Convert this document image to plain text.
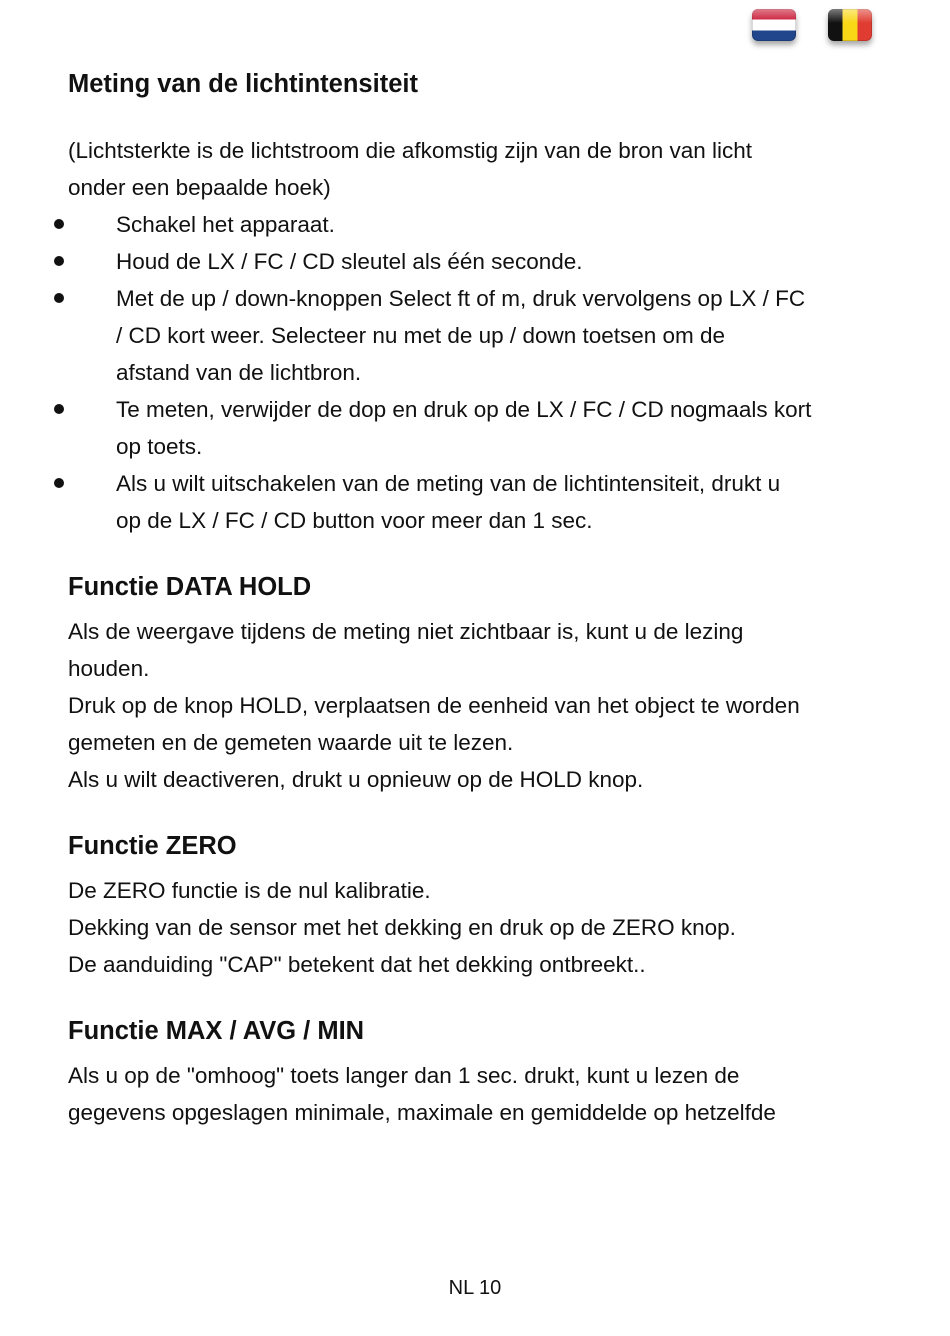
Meting van de lichtintensiteit

(Lichtsterkte is de lichtstroom die afkomstig zijn van de bron van licht
onder een bepaalde hoek)

Schakel het apparaat.
Houd de LX / FC / CD sleutel als één seconde.
Met de up / down-knoppen Select ft of m, druk vervolgens op LX / FC
/ CD kort weer. Selecteer nu met de up / down toetsen om de
afstand van de lichtbron.
Te meten, verwijder de dop en druk op de LX / FC / CD nogmaals kort
op toets.
Als u wilt uitschakelen van de meting van de lichtintensiteit, drukt u
op de LX / FC / CD button voor meer dan 1 sec.
Functie DATA HOLD

Als de weergave tijdens de meting niet zichtbaar is, kunt u de lezing
houden.
Druk op de knop HOLD, verplaatsen de eenheid van het object te worden
gemeten en de gemeten waarde uit te lezen.
Als u wilt deactiveren, drukt u opnieuw op de HOLD knop.

Functie ZERO

De ZERO functie is de nul kalibratie.
Dekking van de sensor met het dekking en druk op de ZERO knop.
De aanduiding "CAP" betekent dat het dekking ontbreekt..

Functie MAX / AVG / MIN

Als u op de "omhoog" toets langer dan 1 sec. drukt, kunt u lezen de
gegevens opgeslagen minimale, maximale en gemiddelde op hetzelfde

NL 10
